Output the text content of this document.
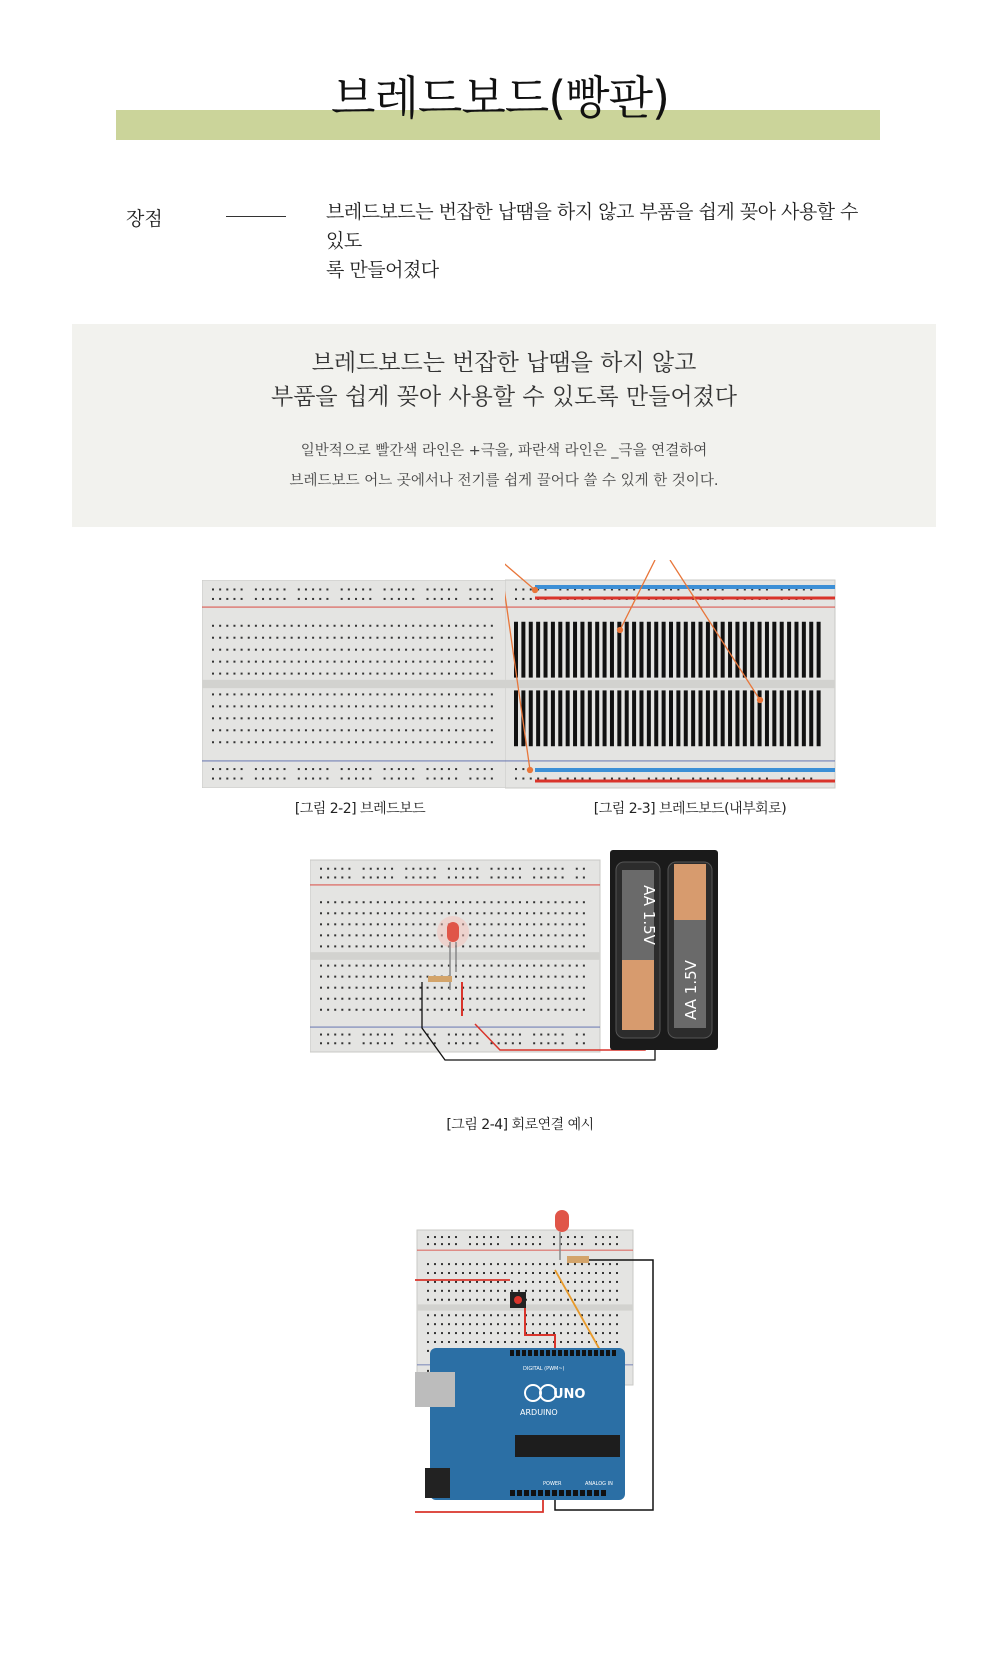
브레드보드(빵판)
장점	브레드보드는 번잡한 납땜을 하지 않고 부품을 쉽게 꽂아 사용할 수 있도
록 만들어졌다
브레드보드는 번잡한 납땜을 하지 않고
부품을 쉽게 꽂아 사용할 수 있도록 만들어졌다
일반적으로 빨간색 라인은 +극을, 파란색 라인은 _극을 연결하여
브레드보드 어느 곳에서나 전기를 쉽게 끌어다 쓸 수 있게 한 것이다.
[그림 2-2] 브레드보드	[그림 2-3] 브레드보드(내부회로)
AA 1.5V
AA 1.5V
[그림 2-4] 회로연결 예시
UNO
ARDUINO
DIGITAL (PWM~)
POWER	ANALOG IN
